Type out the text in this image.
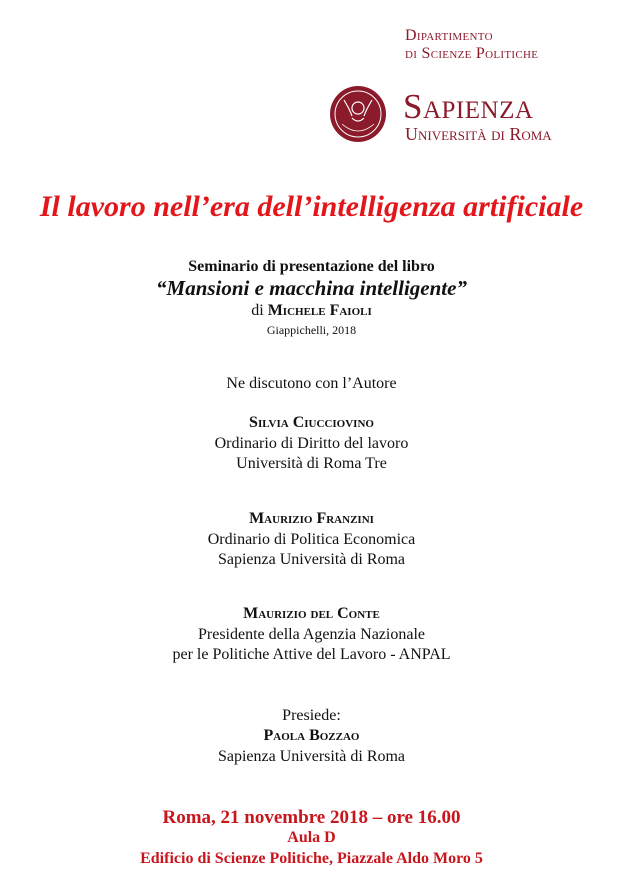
Dipartimento
di Scienze Politiche
Sapienza
Università di Roma
Il lavoro nell’era dell’intelligenza artificiale
Seminario di presentazione del libro
“Mansioni e macchina intelligente”
di Michele Faioli
Giappichelli, 2018
Ne discutono con l’Autore
Silvia Ciucciovino
Ordinario di Diritto del lavoro
Università di Roma Tre
Maurizio Franzini
Ordinario di Politica Economica
Sapienza Università di Roma
Maurizio del Conte
Presidente della Agenzia Nazionale
per le Politiche Attive del Lavoro - ANPAL
Presiede:
Paola Bozzao
Sapienza Università di Roma
Roma, 21 novembre 2018 – ore 16.00
Aula D
Edificio di Scienze Politiche, Piazzale Aldo Moro 5
